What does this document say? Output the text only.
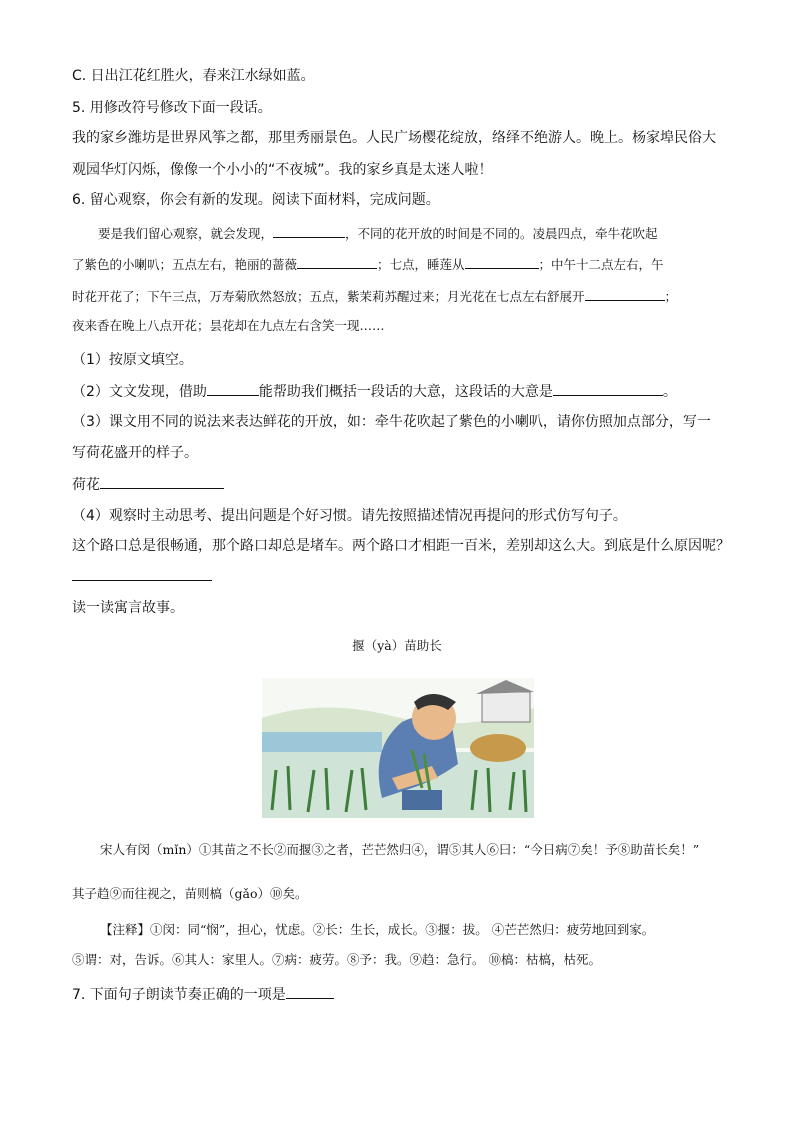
C. 日出江花红胜火，春来江水绿如蓝。
5. 用修改符号修改下面一段话。
我的家乡潍坊是世界风筝之都，那里秀丽景色。人民广场樱花绽放，络绎不绝游人。晚上。杨家埠民俗大
观园华灯闪烁，像像一个小小的“不夜城”。我的家乡真是太迷人啦！
6. 留心观察，你会有新的发现。阅读下面材料，完成问题。
要是我们留心观察，就会发现，	，不同的花开放的时间是不同的。凌晨四点，牵牛花吹起
了紫色的小喇叭；五点左右，艳丽的蔷薇	；七点，睡莲从	；中午十二点左右，午
时花开花了；下午三点，万寿菊欣然怒放；五点，紫茉莉苏醒过来；月光花在七点左右舒展开	；
夜来香在晚上八点开花；昙花却在九点左右含笑一现……
（1）按原文填空。
（2）文文发现，借助	能帮助我们概括一段话的大意，这段话的大意是	。
（3）课文用不同的说法来表达鲜花的开放，如：牵牛花吹起了紫色的小喇叭，请你仿照加点部分，写一
写荷花盛开的样子。
荷花
（4）观察时主动思考、提出问题是个好习惯。请先按照描述情况再提问的形式仿写句子。
这个路口总是很畅通，那个路口却总是堵车。两个路口才相距一百米，差别却这么大。到底是什么原因呢？
读一读寓言故事。
揠（yà）苗助长
宋人有闵（mǐn）①其苗之不长②而揠③之者，芒芒然归④，谓⑤其人⑥曰：“今日病⑦矣！予⑧助苗长矣！”
其子趋⑨而往视之，苗则槁（gǎo）⑩矣。
【注释】①闵：同“悯”，担心，忧虑。②长：生长，成长。③揠：拔。 ④芒芒然归：疲劳地回到家。
⑤谓：对，告诉。⑥其人：家里人。⑦病：疲劳。⑧予：我。⑨趋：急行。 ⑩槁：枯槁，枯死。
7. 下面句子朗读节奏正确的一项是
